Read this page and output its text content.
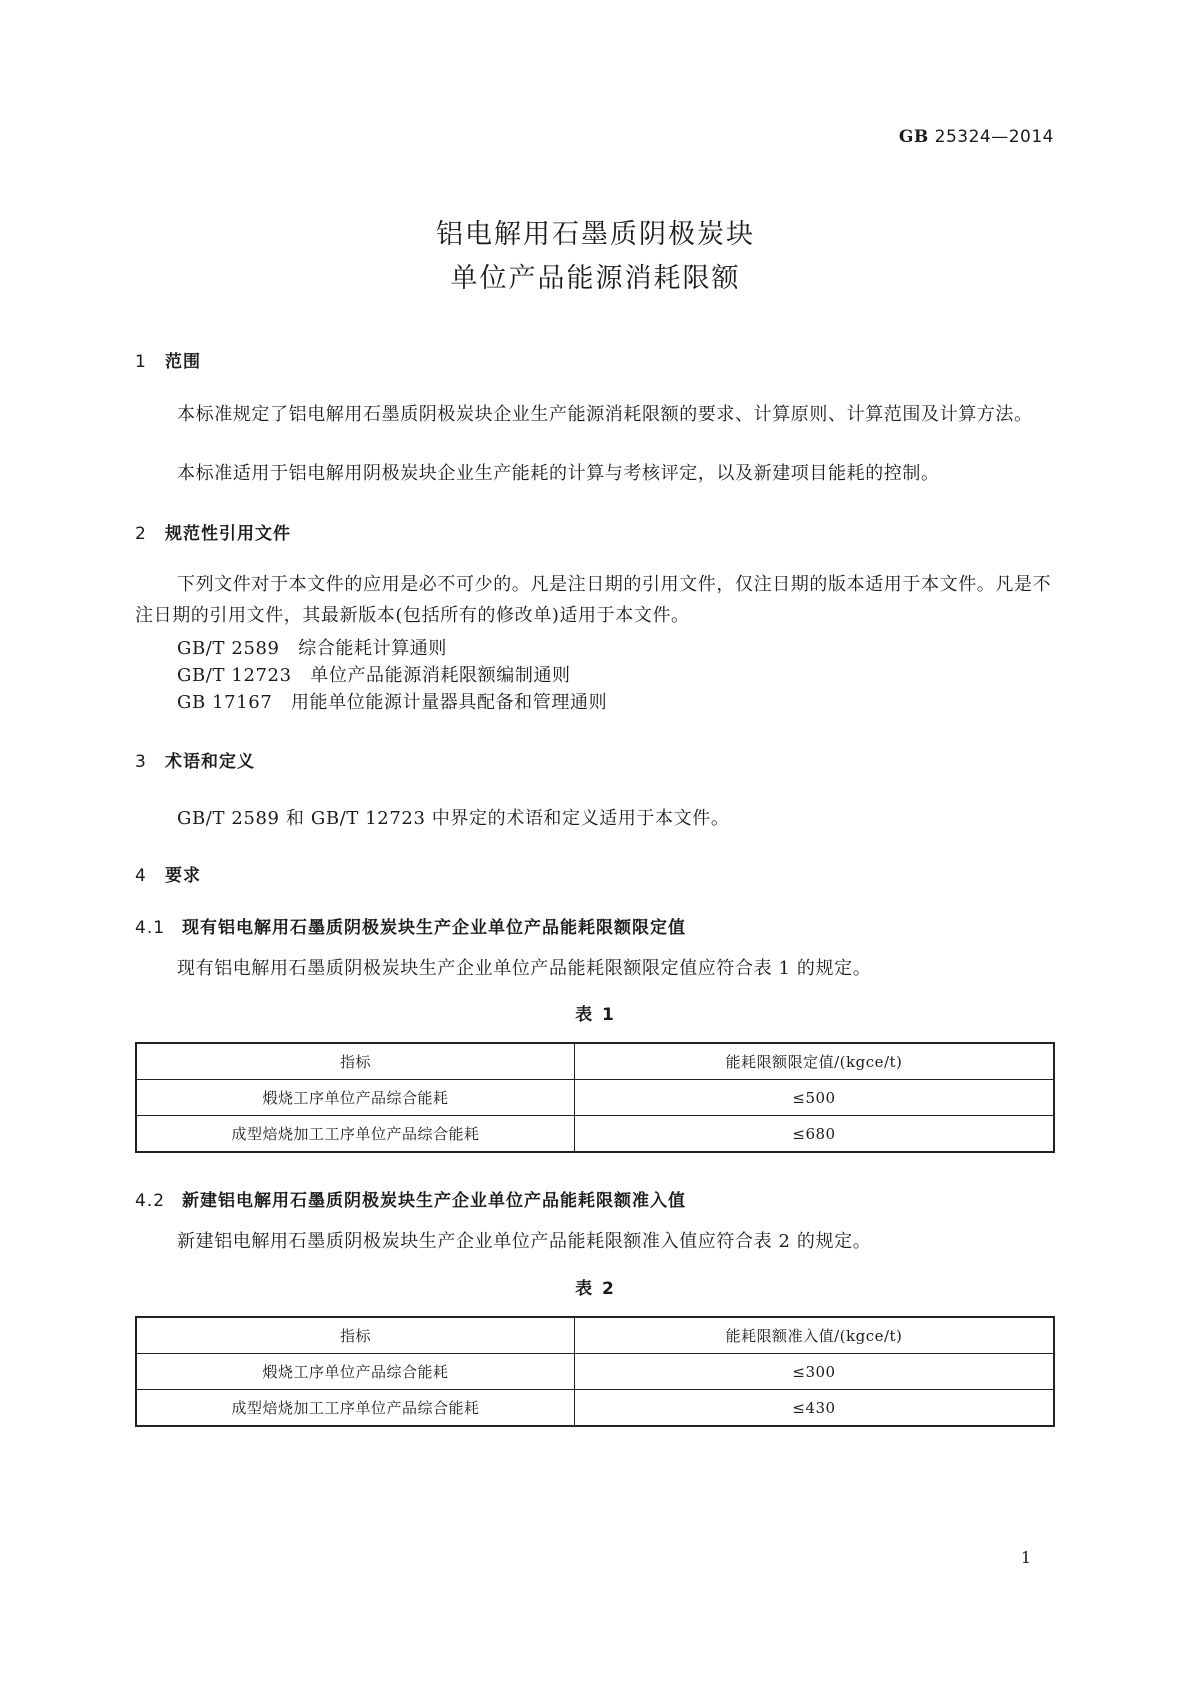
GB 25324—2014
铝电解用石墨质阴极炭块
单位产品能源消耗限额
1 范围
本标准规定了铝电解用石墨质阴极炭块企业生产能源消耗限额的要求、计算原则、计算范围及计算方法。
本标准适用于铝电解用阴极炭块企业生产能耗的计算与考核评定，以及新建项目能耗的控制。
2 规范性引用文件
下列文件对于本文件的应用是必不可少的。凡是注日期的引用文件，仅注日期的版本适用于本文件。凡是不注日期的引用文件，其最新版本(包括所有的修改单)适用于本文件。
GB/T 2589　综合能耗计算通则
GB/T 12723　单位产品能源消耗限额编制通则
GB 17167　用能单位能源计量器具配备和管理通则
3 术语和定义
GB/T 2589 和 GB/T 12723 中界定的术语和定义适用于本文件。
4 要求
4.1 现有铝电解用石墨质阴极炭块生产企业单位产品能耗限额限定值
现有铝电解用石墨质阴极炭块生产企业单位产品能耗限额限定值应符合表 1 的规定。
表 1
指标	能耗限额限定值/(kgce/t)
煅烧工序单位产品综合能耗	≤500
成型焙烧加工工序单位产品综合能耗	≤680
4.2 新建铝电解用石墨质阴极炭块生产企业单位产品能耗限额准入值
新建铝电解用石墨质阴极炭块生产企业单位产品能耗限额准入值应符合表 2 的规定。
表 2
指标	能耗限额准入值/(kgce/t)
煅烧工序单位产品综合能耗	≤300
成型焙烧加工工序单位产品综合能耗	≤430
1
